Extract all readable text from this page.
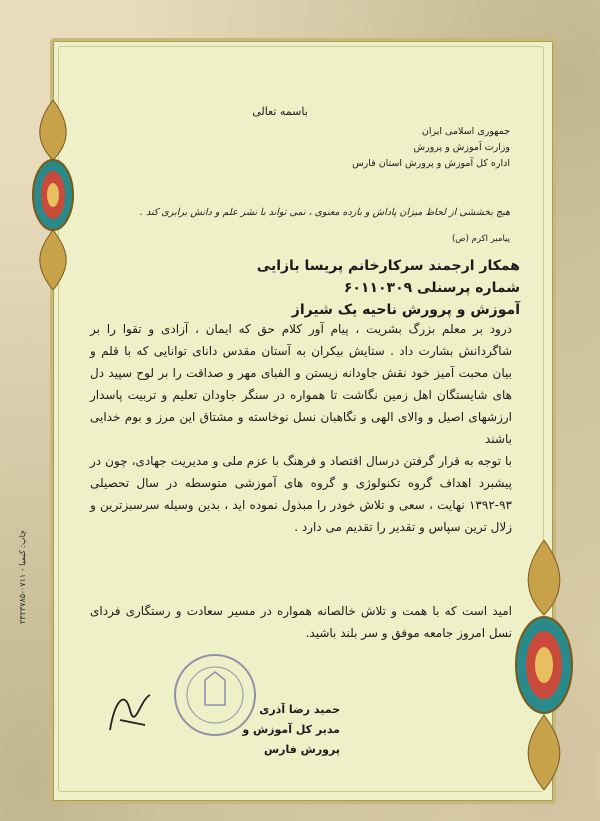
باسمه تعالی
جمهوری اسلامی ایران
وزارت آموزش و پرورش
اداره کل آموزش و پرورش استان فارس
هیچ بخششی از لحاظ میزان پاداش و بازده معنوی ، نمی تواند با نشر علم و دانش برابری کند .
پیامبر اکرم (ص)
همکار ارجمند سرکارخانم پریسا بازایی
شماره پرسنلی ۶۰۱۱۰۳۰۹
آموزش و پرورش ناحیه یک شیراز

درود بر معلم بزرگ بشریت ، پیام آور کلام حق که ایمان ، آزادی و تقوا را بر شاگردانش بشارت داد . ستایش بیکران به آستان مقدس دانای توانایی که با قلم و بیان محبت آمیز خود نقش جاودانه زیستن و الفبای مهر و صداقت را بر لوح سپید دل های شایستگان اهل زمین نگاشت تا همواره در سنگر جاودان تعلیم و تربیت پاسدار ارزشهای اصیل و والای الهی و نگاهبان نسل نوخاسته و مشتاق این مرز و بوم خدایی باشند

با توجه به قرار گرفتن درسال اقتصاد و فرهنگ با عزم ملی و مدیریت جهادی، چون در پیشبرد اهداف گروه تکنولوژی و گروه های آموزشی متوسطه در سال تحصیلی ۹۳-۱۳۹۲ نهایت ، سعی و تلاش خودر را مبذول نموده اید ، بدین وسیله سرسبزترین و زلال ترین سپاس و تقدیر را تقدیم می دارد .

امید است که با همت و تلاش خالصانه همواره در مسیر سعادت و رستگاری فردای نسل امروز جامعه موفق و سر بلند باشید.
حمید رضا آذری
مدیر کل آموزش و پرورش فارس
چاپ: کیمیا - ۰۷۱۱-۲۳۲۳۷۸۵
